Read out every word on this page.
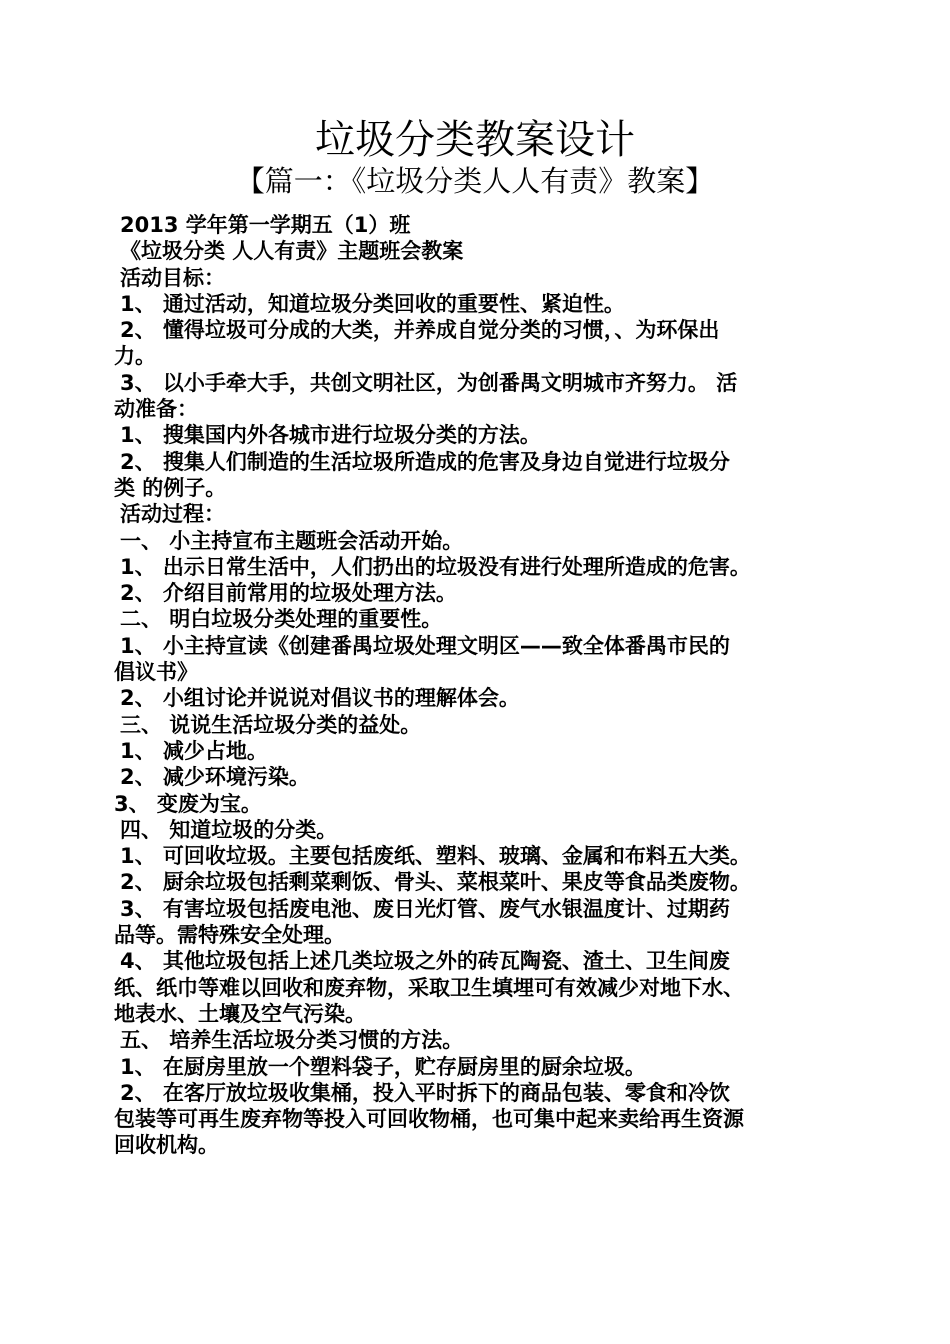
垃圾分类教案设计
【篇一：《垃圾分类人人有责》教案】
2013 学年第一学期五（1）班
《垃圾分类 人人有责》主题班会教案
活动目标：
1、 通过活动，知道垃圾分类回收的重要性、紧迫性。
2、 懂得垃圾可分成的大类，并养成自觉分类的习惯，、为环保出
力。
3、 以小手牵大手，共创文明社区，为创番禺文明城市齐努力。 活
动准备：
1、 搜集国内外各城市进行垃圾分类的方法。
2、 搜集人们制造的生活垃圾所造成的危害及身边自觉进行垃圾分
类 的例子。
活动过程：
一、 小主持宣布主题班会活动开始。
1、 出示日常生活中，人们扔出的垃圾没有进行处理所造成的危害。
2、 介绍目前常用的垃圾处理方法。
二、 明白垃圾分类处理的重要性。
1、 小主持宣读《创建番禺垃圾处理文明区——致全体番禺市民的
倡议书》
2、 小组讨论并说说对倡议书的理解体会。
三、 说说生活垃圾分类的益处。
1、 减少占地。
2、 减少环境污染。
3、 变废为宝。
四、 知道垃圾的分类。
1、 可回收垃圾。主要包括废纸、塑料、玻璃、金属和布料五大类。
2、 厨余垃圾包括剩菜剩饭、骨头、菜根菜叶、果皮等食品类废物。
3、 有害垃圾包括废电池、废日光灯管、废气水银温度计、过期药
品等。需特殊安全处理。
4、 其他垃圾包括上述几类垃圾之外的砖瓦陶瓷、渣土、卫生间废
纸、纸巾等难以回收和废弃物，采取卫生填埋可有效减少对地下水、
地表水、土壤及空气污染。
五、 培养生活垃圾分类习惯的方法。
1、 在厨房里放一个塑料袋子，贮存厨房里的厨余垃圾。
2、 在客厅放垃圾收集桶，投入平时拆下的商品包装、零食和冷饮
包装等可再生废弃物等投入可回收物桶，也可集中起来卖给再生资源
回收机构。
